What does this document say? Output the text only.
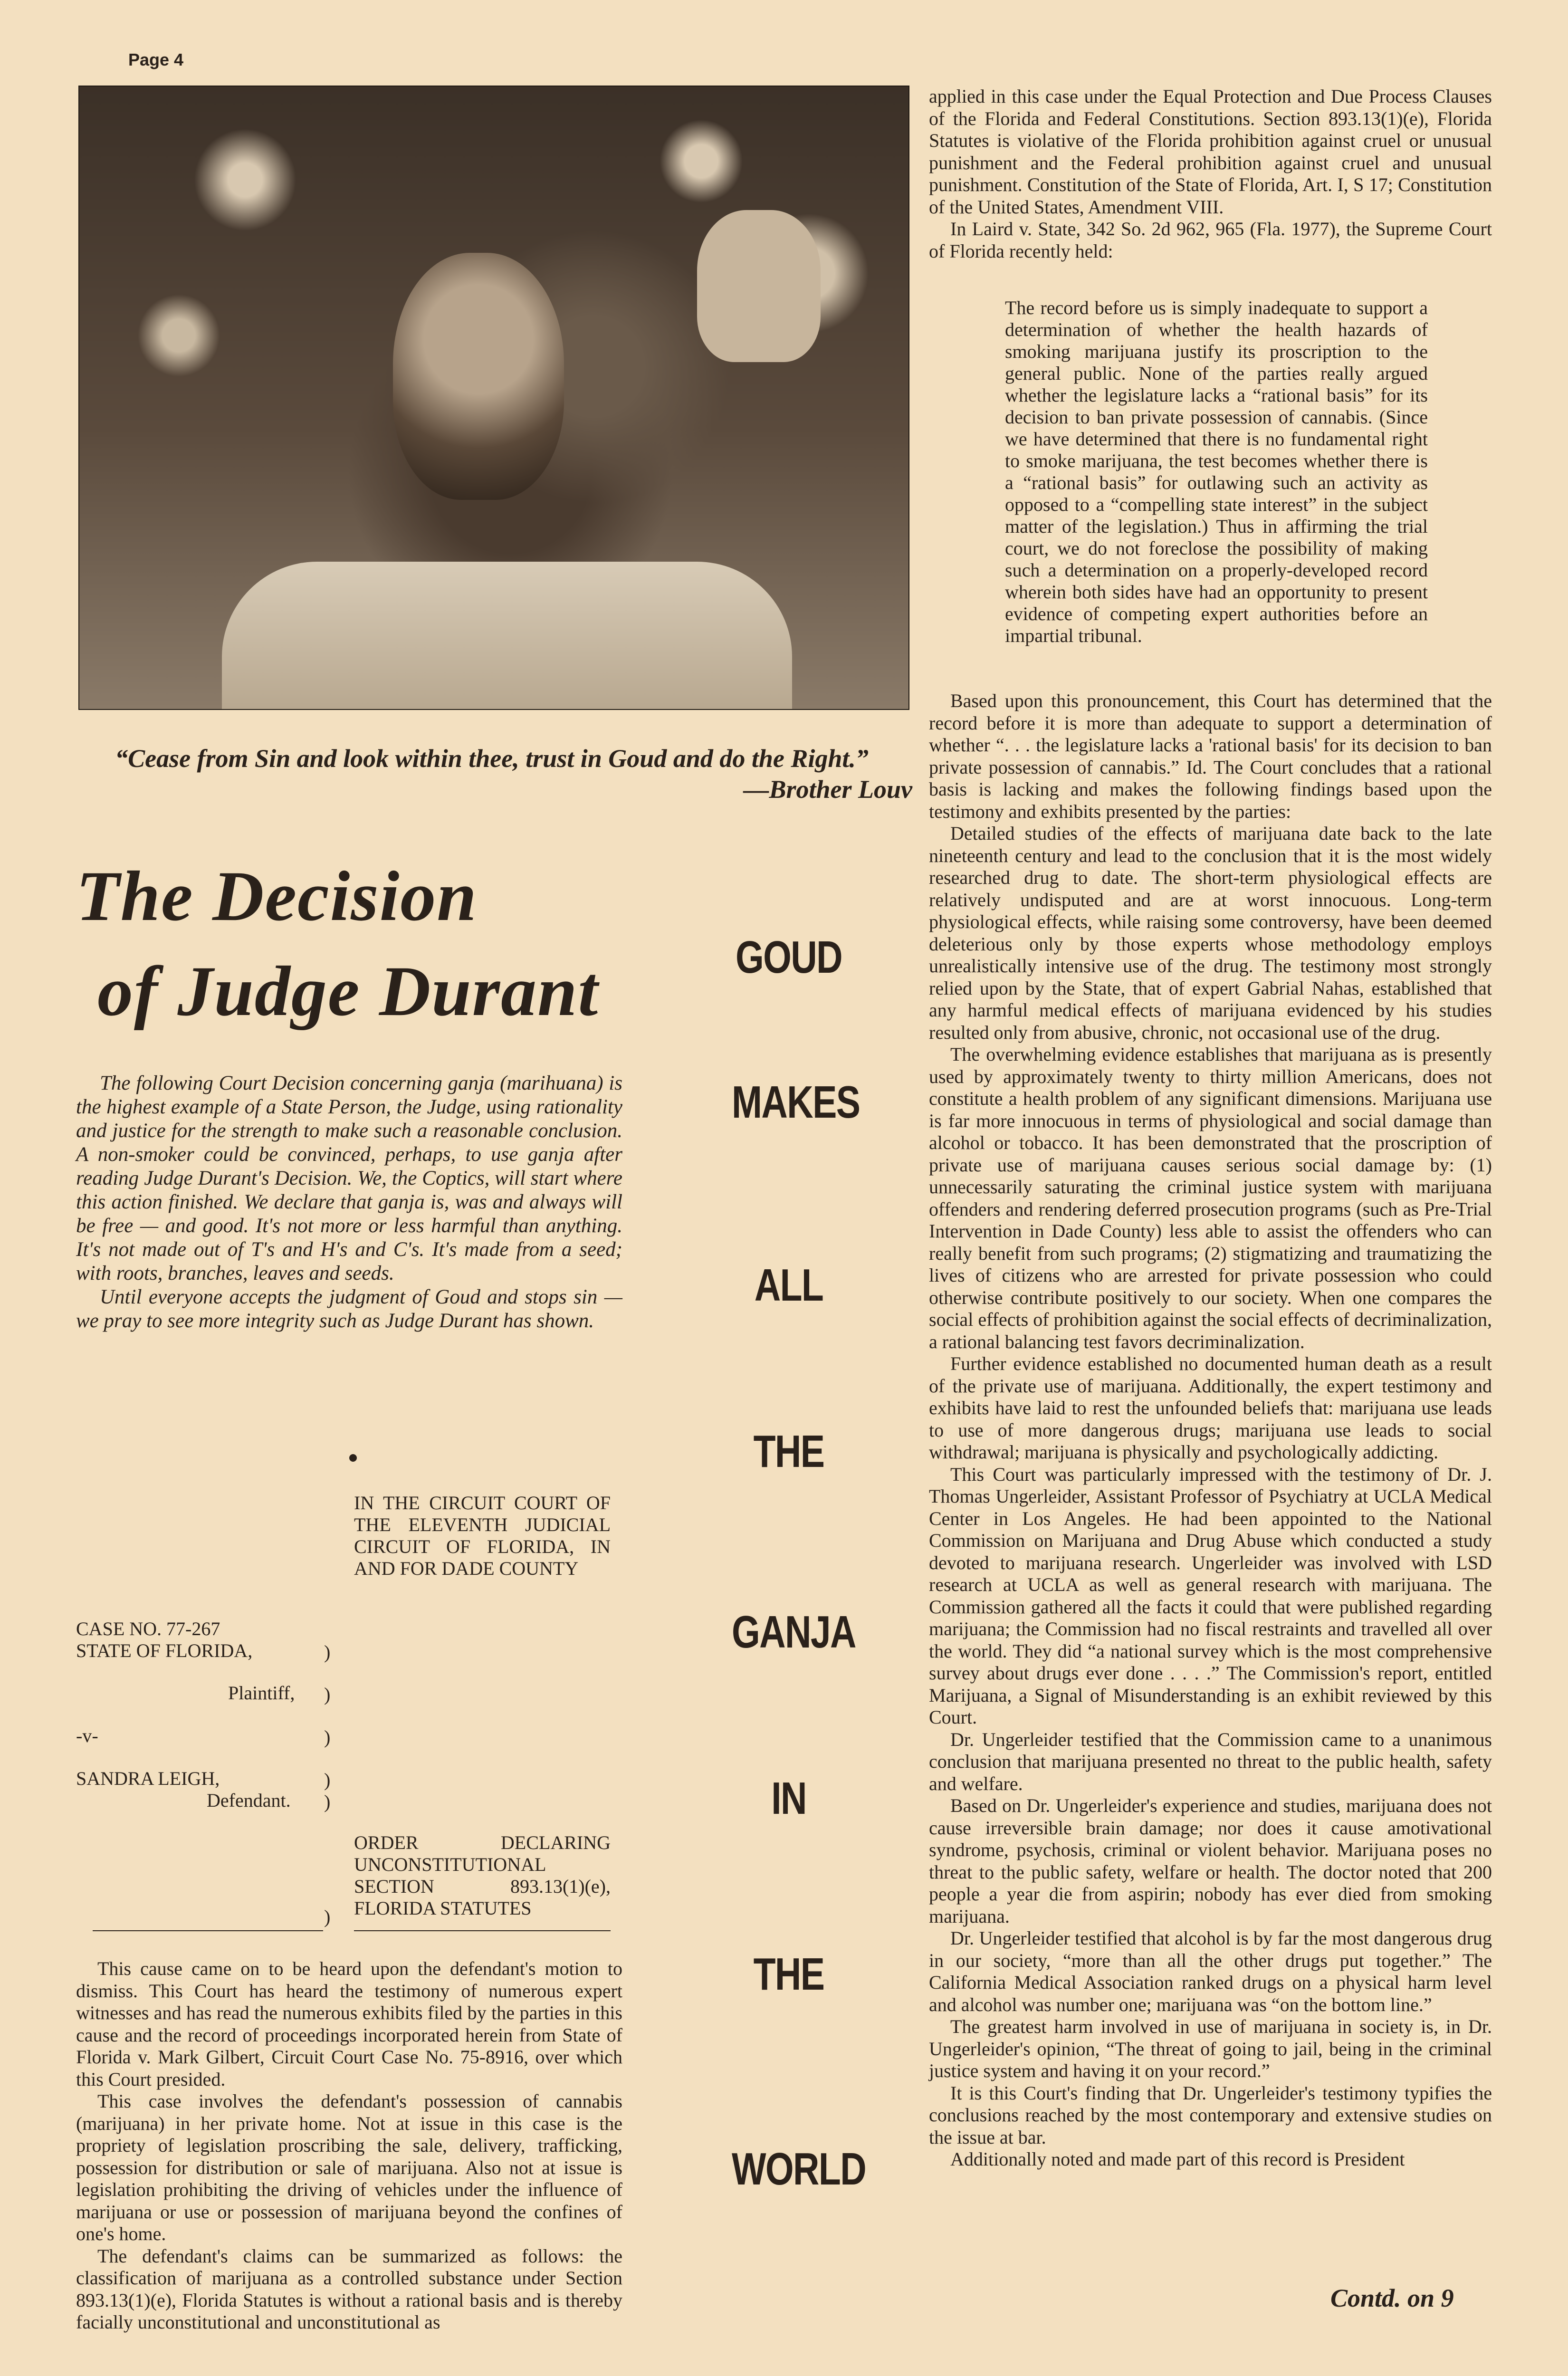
Page 4
“Cease from Sin and look within thee, trust in Goud and do the Right.”
—Brother Louv
The Decision
of Judge Durant

The following Court Decision concerning ganja (marihuana) is the highest example of a State Person, the Judge, using rationality and justice for the strength to make such a reasonable conclusion. A non-smoker could be convinced, perhaps, to use ganja after reading Judge Durant's Decision. We, the Coptics, will start where this action finished. We declare that ganja is, was and always will be free — and good. It's not more or less harmful than anything. It's not made out of T's and H's and C's. It's made from a seed; with roots, branches, leaves and seeds.

Until everyone accepts the judgment of Goud and stops sin — we pray to see more integrity such as Judge Durant has shown.

IN THE CIRCUIT COURT OF THE ELEVENTH JUDICIAL CIRCUIT OF FLORIDA, IN AND FOR DADE COUNTY
CASE NO. 77-267
STATE OF FLORIDA,
Plaintiff,
-v-
SANDRA LEIGH,
Defendant.
)
)
)
)
)
)
ORDER DECLARING UNCONSTITUTIONAL SECTION 893.13(1)(e), FLORIDA STATUTES

This cause came on to be heard upon the defendant's motion to dismiss. This Court has heard the testimony of numerous expert witnesses and has read the numerous exhibits filed by the parties in this cause and the record of proceedings incorporated herein from State of Florida v. Mark Gilbert, Circuit Court Case No. 75-8916, over which this Court presided.

This case involves the defendant's possession of cannabis (marijuana) in her private home. Not at issue in this case is the propriety of legislation proscribing the sale, delivery, trafficking, possession for distribution or sale of marijuana. Also not at issue is legislation prohibiting the driving of vehicles under the influence of marijuana or use or possession of marijuana beyond the confines of one's home.

The defendant's claims can be summarized as follows: the classification of marijuana as a controlled substance under Section 893.13(1)(e), Florida Statutes is without a rational basis and is thereby facially unconstitutional and unconstitutional as

GOUD
MAKES
ALL
THE
GANJA
IN
THE
WORLD

applied in this case under the Equal Protection and Due Process Clauses of the Florida and Federal Constitutions. Section 893.13(1)(e), Florida Statutes is violative of the Florida prohibition against cruel or unusual punishment and the Federal prohibition against cruel and unusual punishment. Constitution of the State of Florida, Art. I, S 17; Constitution of the United States, Amendment VIII.

In Laird v. State, 342 So. 2d 962, 965 (Fla. 1977), the Supreme Court of Florida recently held:

The record before us is simply inadequate to support a determination of whether the health hazards of smoking marijuana justify its proscription to the general public. None of the parties really argued whether the legislature lacks a “rational basis” for its decision to ban private possession of cannabis. (Since we have determined that there is no fundamental right to smoke marijuana, the test becomes whether there is a “rational basis” for outlawing such an activity as opposed to a “compelling state interest” in the subject matter of the legislation.) Thus in affirming the trial court, we do not foreclose the possibility of making such a determination on a properly-developed record wherein both sides have had an opportunity to present evidence of competing expert authorities before an impartial tribunal.

Based upon this pronouncement, this Court has determined that the record before it is more than adequate to support a determination of whether “. . . the legislature lacks a 'rational basis' for its decision to ban private possession of cannabis.” Id. The Court concludes that a rational basis is lacking and makes the following findings based upon the testimony and exhibits presented by the parties:

Detailed studies of the effects of marijuana date back to the late nineteenth century and lead to the conclusion that it is the most widely researched drug to date. The short-term physiological effects are relatively undisputed and are at worst innocuous. Long-term physiological effects, while raising some controversy, have been deemed deleterious only by those experts whose methodology employs unrealistically intensive use of the drug. The testimony most strongly relied upon by the State, that of expert Gabrial Nahas, established that any harmful medical effects of marijuana evidenced by his studies resulted only from abusive, chronic, not occasional use of the drug.

The overwhelming evidence establishes that marijuana as is presently used by approximately twenty to thirty million Americans, does not constitute a health problem of any significant dimensions. Marijuana use is far more innocuous in terms of physiological and social damage than alcohol or tobacco. It has been demonstrated that the proscription of private use of marijuana causes serious social damage by: (1) unnecessarily saturating the criminal justice system with marijuana offenders and rendering deferred prosecution programs (such as Pre-Trial Intervention in Dade County) less able to assist the offenders who can really benefit from such programs; (2) stigmatizing and traumatizing the lives of citizens who are arrested for private possession who could otherwise contribute positively to our society. When one compares the social effects of prohibition against the social effects of decriminalization, a rational balancing test favors decriminalization.

Further evidence established no documented human death as a result of the private use of marijuana. Additionally, the expert testimony and exhibits have laid to rest the unfounded beliefs that: marijuana use leads to use of more dangerous drugs; marijuana use leads to social withdrawal; marijuana is physically and psychologically addicting.

This Court was particularly impressed with the testimony of Dr. J. Thomas Ungerleider, Assistant Professor of Psychiatry at UCLA Medical Center in Los Angeles. He had been appointed to the National Commission on Marijuana and Drug Abuse which conducted a study devoted to marijuana research. Ungerleider was involved with LSD research at UCLA as well as general research with marijuana. The Commission gathered all the facts it could that were published regarding marijuana; the Commission had no fiscal restraints and travelled all over the world. They did “a national survey which is the most comprehensive survey about drugs ever done . . . .” The Commission's report, entitled Marijuana, a Signal of Misunderstanding is an exhibit reviewed by this Court.

Dr. Ungerleider testified that the Commission came to a unanimous conclusion that marijuana presented no threat to the public health, safety and welfare.

Based on Dr. Ungerleider's experience and studies, marijuana does not cause irreversible brain damage; nor does it cause amotivational syndrome, psychosis, criminal or violent behavior. Marijuana poses no threat to the public safety, welfare or health. The doctor noted that 200 people a year die from aspirin; nobody has ever died from smoking marijuana.

Dr. Ungerleider testified that alcohol is by far the most dangerous drug in our society, “more than all the other drugs put together.” The California Medical Association ranked drugs on a physical harm level and alcohol was number one; marijuana was “on the bottom line.”

The greatest harm involved in use of marijuana in society is, in Dr. Ungerleider's opinion, “The threat of going to jail, being in the criminal justice system and having it on your record.”

It is this Court's finding that Dr. Ungerleider's testimony typifies the conclusions reached by the most contemporary and extensive studies on the issue at bar.

Additionally noted and made part of this record is President

Contd. on 9
